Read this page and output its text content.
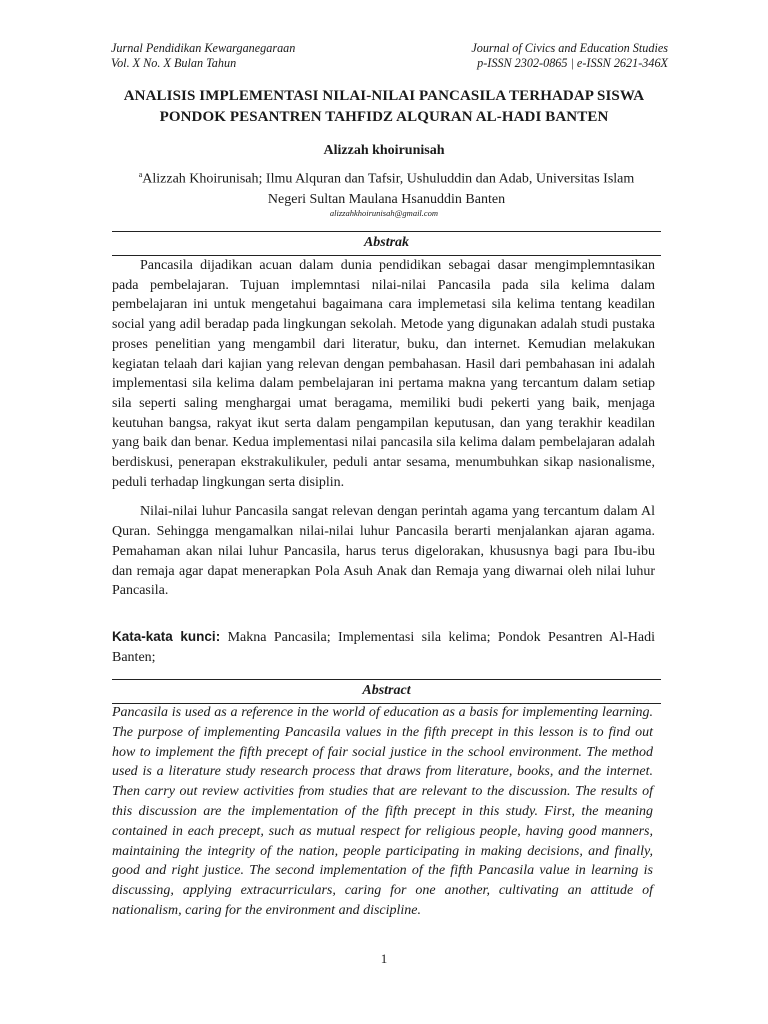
Jurnal Pendidikan Kewarganegaraan	Journal of Civics and Education Studies
Vol. X No. X Bulan Tahun	p-ISSN 2302-0865 | e-ISSN 2621-346X
ANALISIS IMPLEMENTASI NILAI-NILAI PANCASILA TERHADAP SISWA
PONDOK PESANTREN TAHFIDZ ALQURAN AL-HADI BANTEN
Alizzah khoirunisah
$^a$Alizzah Khoirunisah; Ilmu Alquran dan Tafsir, Ushuluddin dan Adab, Universitas Islam
Negeri Sultan Maulana Hsanuddin Banten
alizzahkhoirunisah@gmail.com
Abstrak

Pancasila dijadikan acuan dalam dunia pendidikan sebagai dasar mengimplemntasikan pada pembelajaran. Tujuan implemntasi nilai-nilai Pancasila pada sila kelima dalam pembelajaran ini untuk mengetahui bagaimana cara implemetasi sila kelima tentang keadilan social yang adil beradap pada lingkungan sekolah. Metode yang digunakan adalah studi pustaka proses penelitian yang mengambil dari literatur, buku, dan internet. Kemudian melakukan kegiatan telaah dari kajian yang relevan dengan pembahasan. Hasil dari pembahasan ini adalah implementasi sila kelima dalam pembelajaran ini pertama makna yang tercantum dalam setiap sila seperti saling menghargai umat beragama, memiliki budi pekerti yang baik, menjaga keutuhan bangsa, rakyat ikut serta dalam pengampilan keputusan, dan yang terakhir keadilan yang baik dan benar. Kedua implementasi nilai pancasila sila kelima dalam pembelajaran adalah berdiskusi, penerapan ekstrakulikuler, peduli antar sesama, menumbuhkan sikap nasionalisme, peduli terhadap lingkungan serta disiplin.

Nilai-nilai luhur Pancasila sangat relevan dengan perintah agama yang tercantum dalam Al Quran. Sehingga mengamalkan nilai-nilai luhur Pancasila berarti menjalankan ajaran agama. Pemahaman akan nilai luhur Pancasila, harus terus digelorakan, khususnya bagi para Ibu-ibu dan remaja agar dapat menerapkan Pola Asuh Anak dan Remaja yang diwarnai oleh nilai luhur Pancasila.

Kata-kata kunci: Makna Pancasila; Implementasi sila kelima; Pondok Pesantren Al-Hadi Banten;
Abstract
Pancasila is used as a reference in the world of education as a basis for implementing learning. The purpose of implementing Pancasila values in the fifth precept in this lesson is to find out how to implement the fifth precept of fair social justice in the school environment. The method used is a literature study research process that draws from literature, books, and the internet. Then carry out review activities from studies that are relevant to the discussion. The results of this discussion are the implementation of the fifth precept in this study. First, the meaning contained in each precept, such as mutual respect for religious people, having good manners, maintaining the integrity of the nation, people participating in making decisions, and finally, good and right justice. The second implementation of the fifth Pancasila value in learning is discussing, applying extracurriculars, caring for one another, cultivating an attitude of nationalism, caring for the environment and discipline.
1
